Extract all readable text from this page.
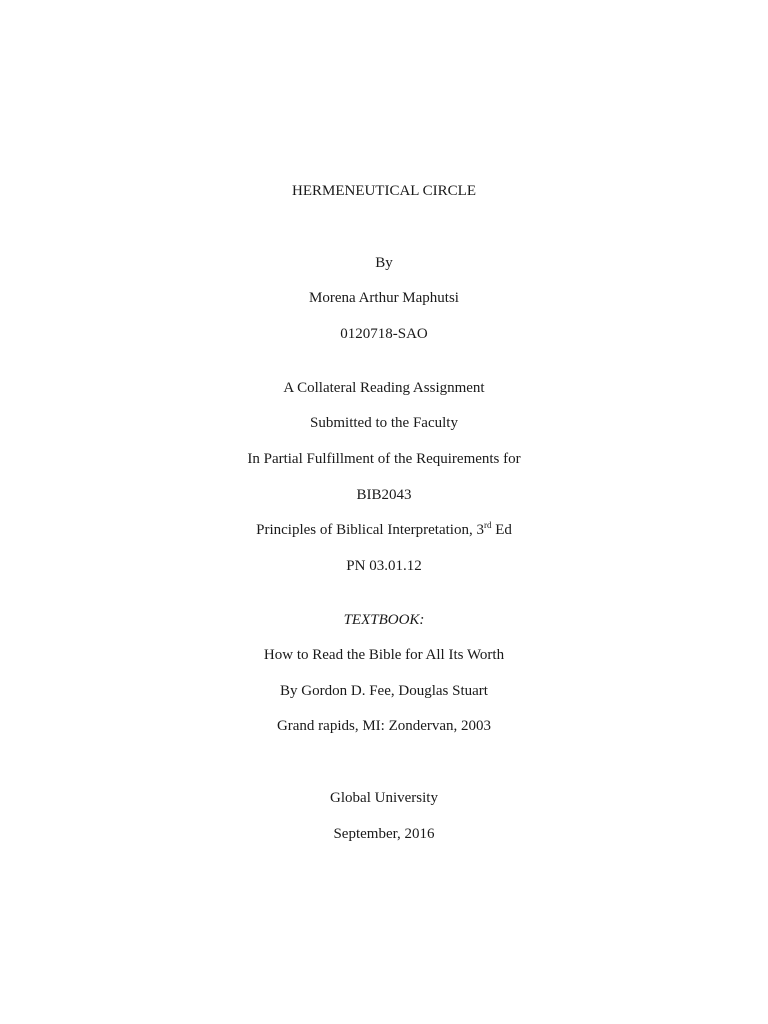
HERMENEUTICAL CIRCLE
By
Morena Arthur Maphutsi
0120718-SAO
A Collateral Reading Assignment
Submitted to the Faculty
In Partial Fulfillment of the Requirements for
BIB2043
Principles of Biblical Interpretation, 3rd Ed
PN 03.01.12
TEXTBOOK:
How to Read the Bible for All Its Worth
By Gordon D. Fee, Douglas Stuart
Grand rapids, MI: Zondervan, 2003
Global University
September, 2016
